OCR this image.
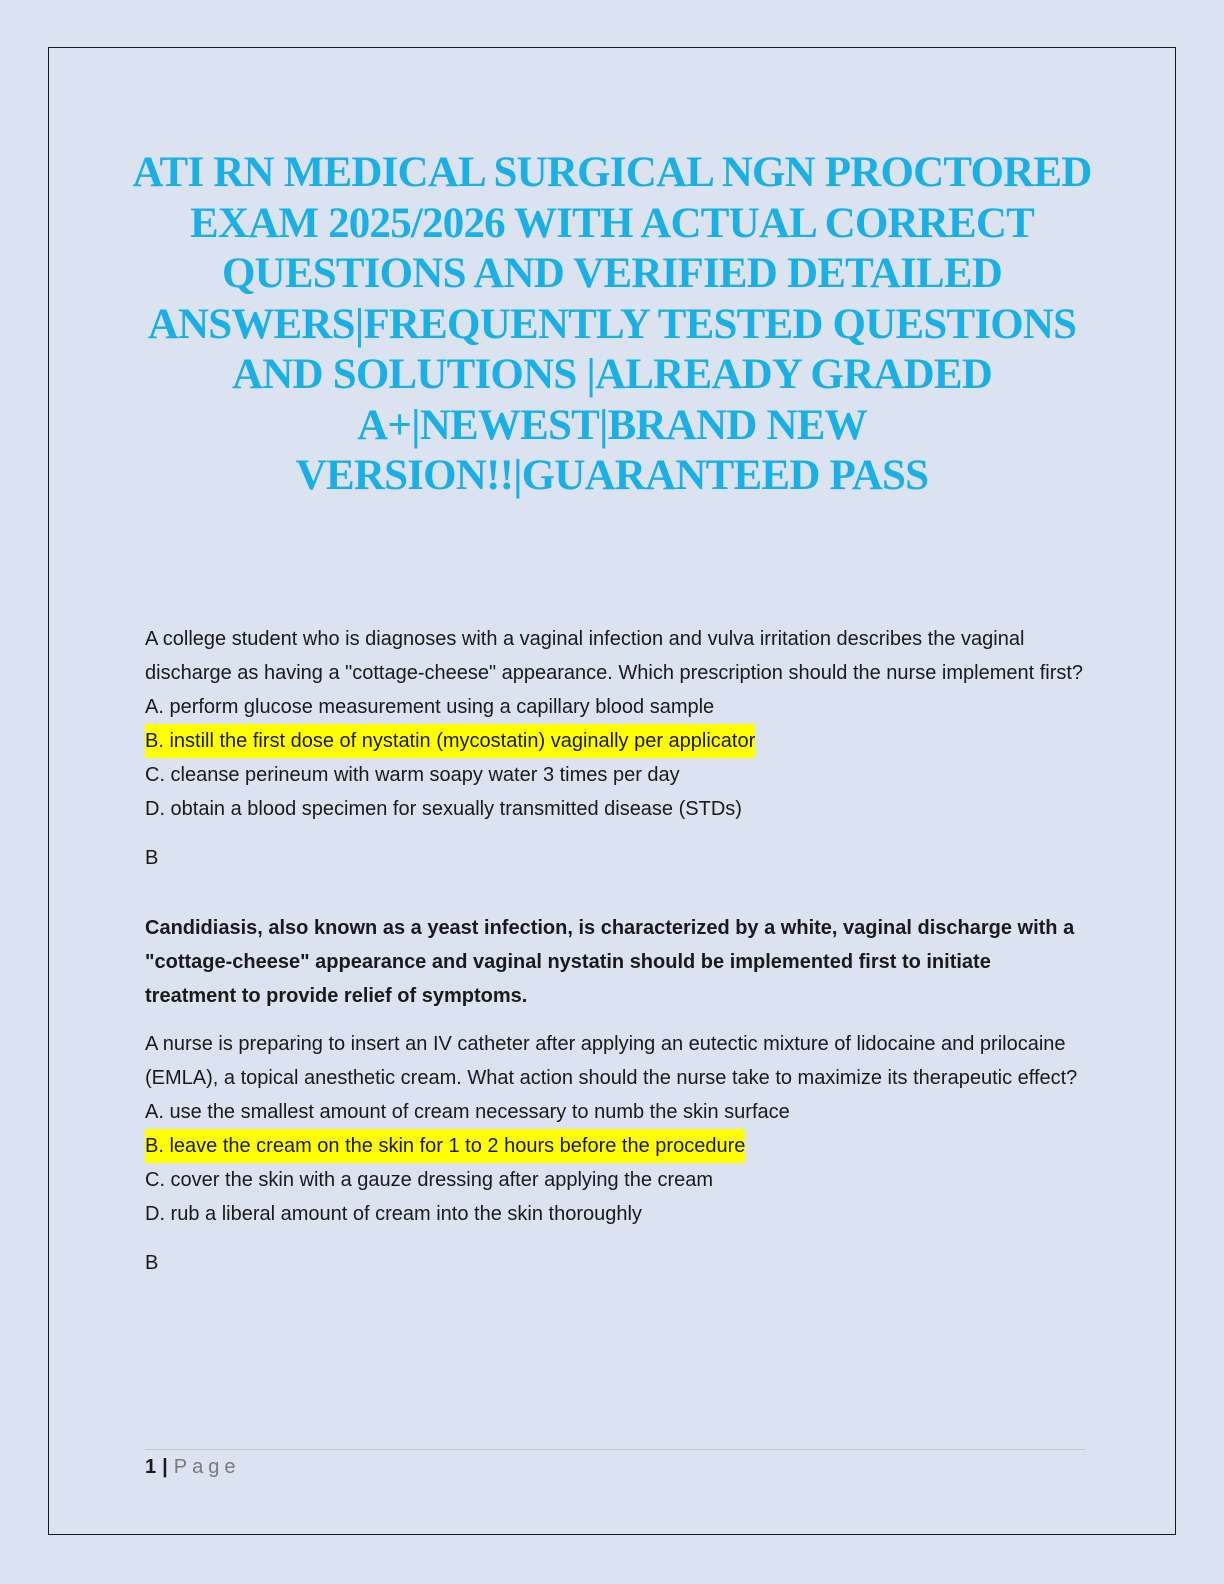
ATI RN MEDICAL SURGICAL NGN PROCTORED EXAM 2025/2026 WITH ACTUAL CORRECT QUESTIONS AND VERIFIED DETAILED ANSWERS|FREQUENTLY TESTED QUESTIONS AND SOLUTIONS |ALREADY GRADED A+|NEWEST|BRAND NEW VERSION!!|GUARANTEED PASS

A college student who is diagnoses with a vaginal infection and vulva irritation describes the vaginal discharge as having a "cottage-cheese" appearance. Which prescription should the nurse implement first?

A. perform glucose measurement using a capillary blood sample
B. instill the first dose of nystatin (mycostatin) vaginally per applicator
C. cleanse perineum with warm soapy water 3 times per day
D. obtain a blood specimen for sexually transmitted disease (STDs)

B

Candidiasis, also known as a yeast infection, is characterized by a white, vaginal discharge with a "cottage-cheese" appearance and vaginal nystatin should be implemented first to initiate treatment to provide relief of symptoms.

A nurse is preparing to insert an IV catheter after applying an eutectic mixture of lidocaine and prilocaine (EMLA), a topical anesthetic cream. What action should the nurse take to maximize its therapeutic effect?

A. use the smallest amount of cream necessary to numb the skin surface
B. leave the cream on the skin for 1 to 2 hours before the procedure
C. cover the skin with a gauze dressing after applying the cream
D. rub a liberal amount of cream into the skin thoroughly

B

1 | Page
